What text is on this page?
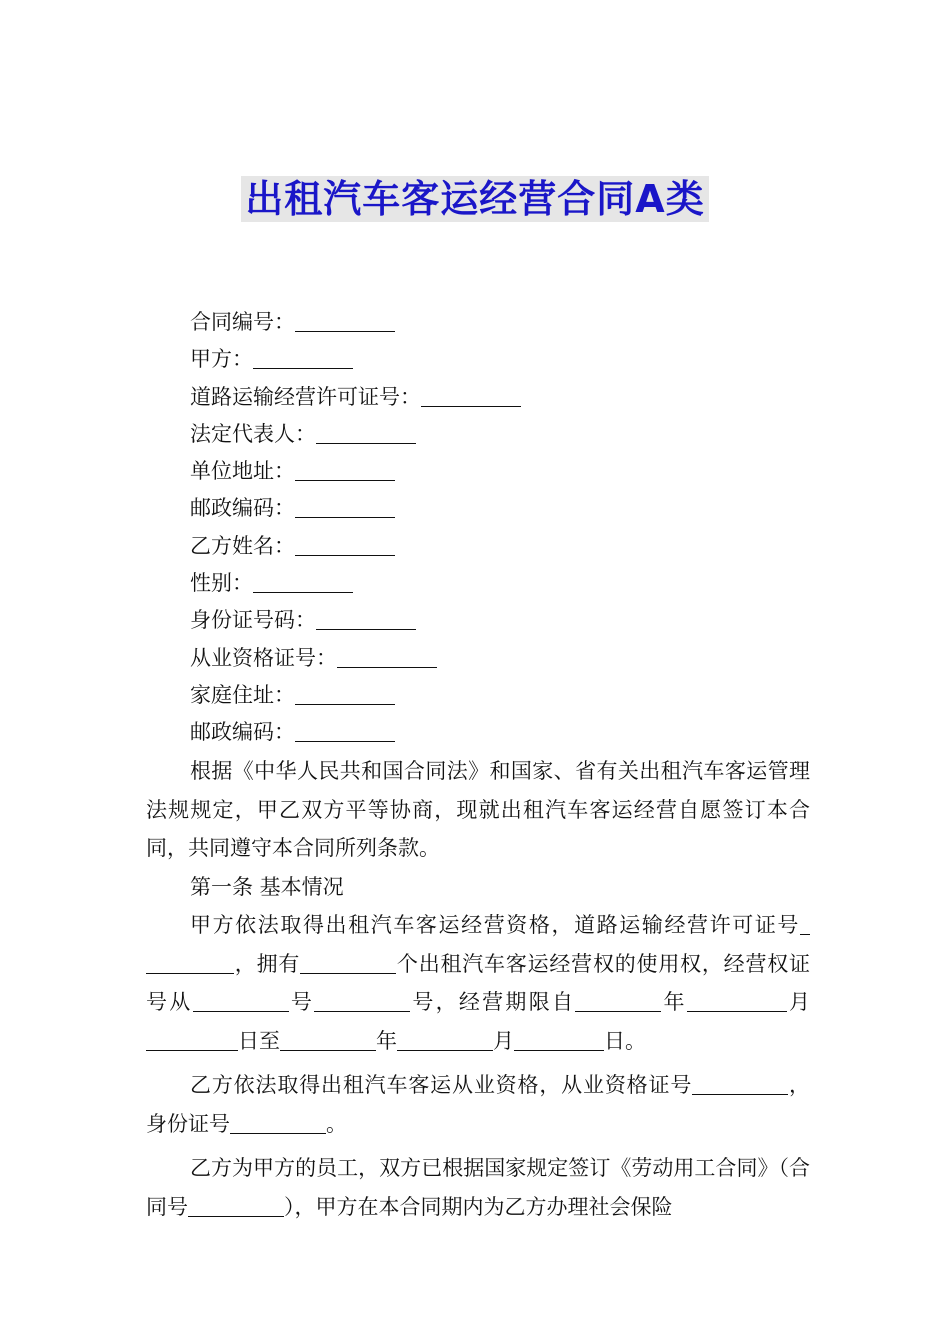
出租汽车客运经营合同A类
合同编号：
甲方：
道路运输经营许可证号：
法定代表人：
单位地址：
邮政编码：
乙方姓名：
性别：
身份证号码：
从业资格证号：
家庭住址：
邮政编码：

根据《中华人民共和国合同法》和国家、省有关出租汽车客运管理法规规定，甲乙双方平等协商，现就出租汽车客运经营自愿签订本合同，共同遵守本合同所列条款。

第一条 基本情况

甲方依法取得出租汽车客运经营资格，道路运输经营许可证号，拥有	个出租汽车客运经营权的使用权，经营权证号从	号	号，经营期限自	年	月日至	年	月	日。

乙方依法取得出租汽车客运从业资格，从业资格证号	，身份证号	。

乙方为甲方的员工，双方已根据国家规定签订《劳动用工合同》（合同号	），甲方在本合同期内为乙方办理社会保险
